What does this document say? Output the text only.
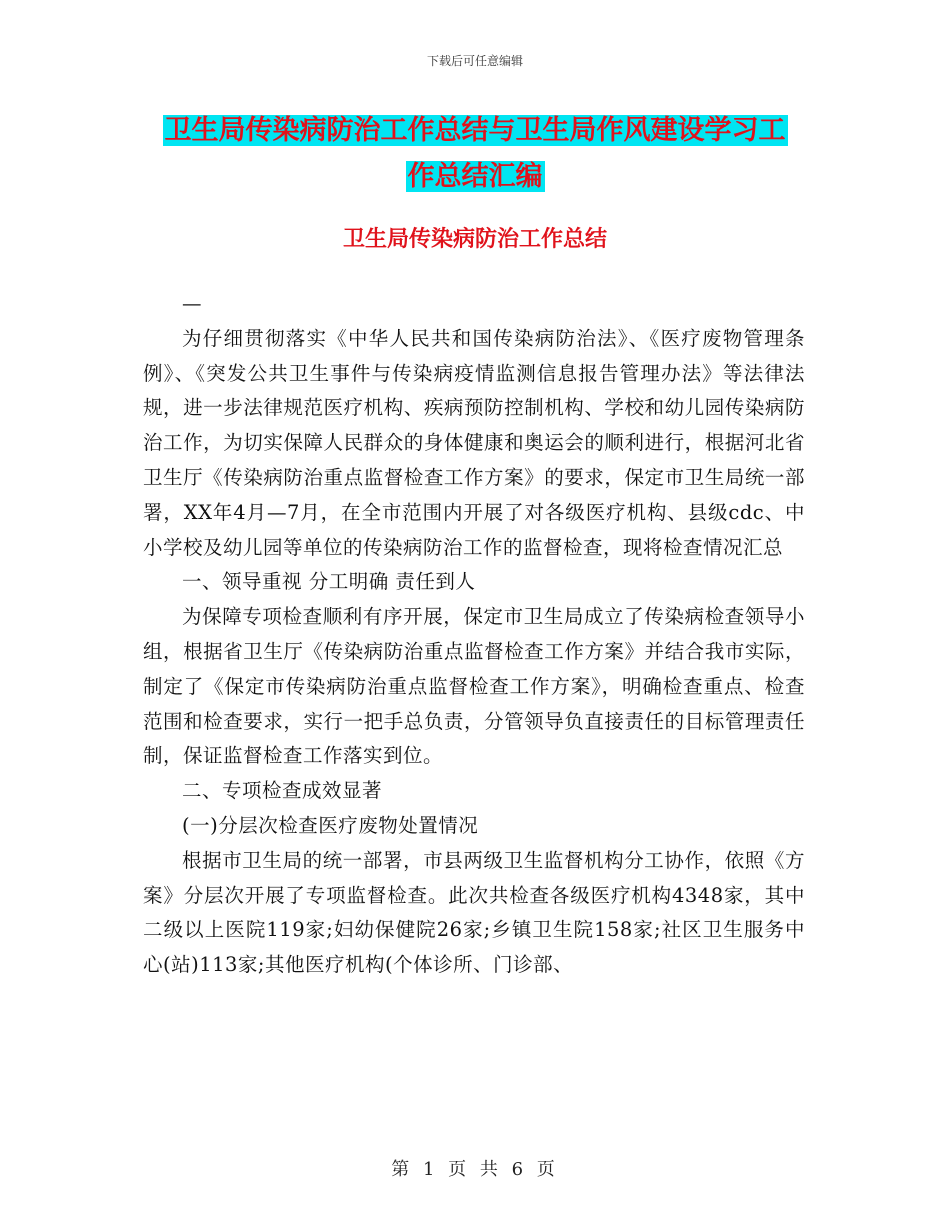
下载后可任意编辑
卫生局传染病防治工作总结与卫生局作风建设学习工
作总结汇编
卫生局传染病防治工作总结

—

为仔细贯彻落实《中华人民共和国传染病防治法》、《医疗废物管理条例》、《突发公共卫生事件与传染病疫情监测信息报告管理办法》等法律法规，进一步法律规范医疗机构、疾病预防控制机构、学校和幼儿园传染病防治工作，为切实保障人民群众的身体健康和奥运会的顺利进行，根据河北省卫生厅《传染病防治重点监督检查工作方案》的要求，保定市卫生局统一部署，XX年4月—7月，在全市范围内开展了对各级医疗机构、县级cdc、中小学校及幼儿园等单位的传染病防治工作的监督检查，现将检查情况汇总

一、领导重视 分工明确 责任到人

为保障专项检查顺利有序开展，保定市卫生局成立了传染病检查领导小组，根据省卫生厅《传染病防治重点监督检查工作方案》并结合我市实际，制定了《保定市传染病防治重点监督检查工作方案》，明确检查重点、检查范围和检查要求，实行一把手总负责，分管领导负直接责任的目标管理责任制，保证监督检查工作落实到位。

二、专项检查成效显著

(一)分层次检查医疗废物处置情况

根据市卫生局的统一部署，市县两级卫生监督机构分工协作，依照《方案》分层次开展了专项监督检查。此次共检查各级医疗机构4348家，其中二级以上医院119家;妇幼保健院26家;乡镇卫生院158家;社区卫生服务中心(站)113家;其他医疗机构(个体诊所、门诊部、

第 1 页 共 6 页
